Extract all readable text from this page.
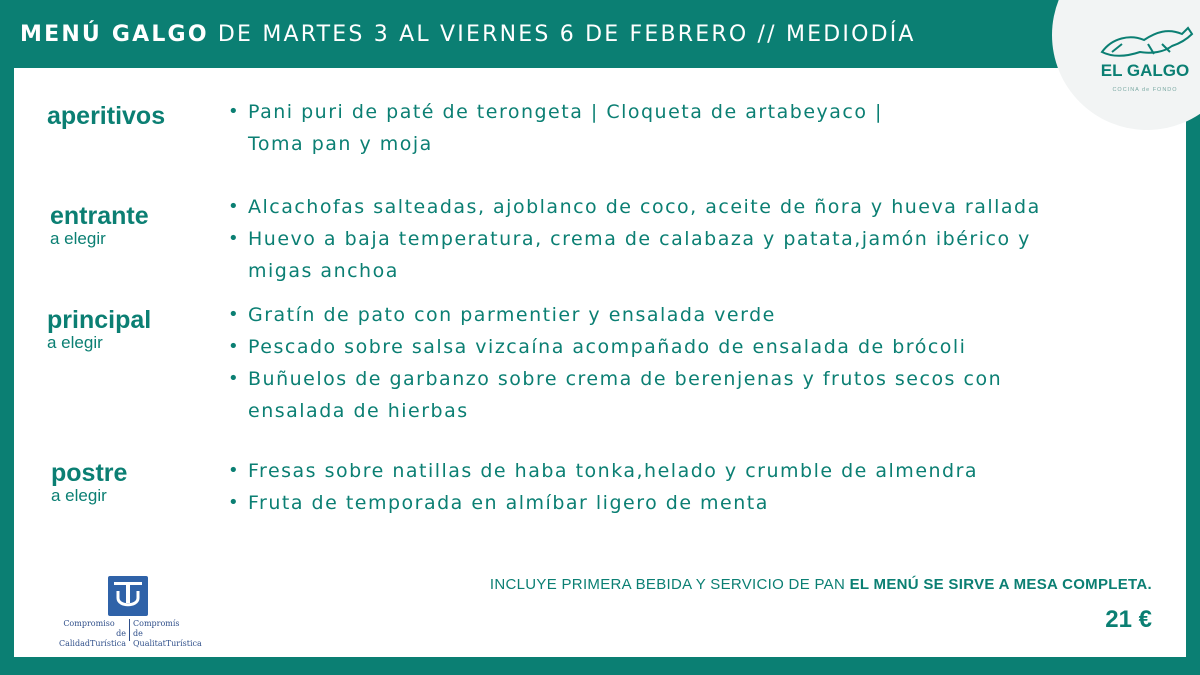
MENÚ GALGO DE MARTES 3 AL VIERNES 6 DE FEBRERO // MEDIODÍA
aperitivos	• Pani puri de paté de terongeta | Cloqueta de artabeyaco |
Toma pan y moja
entrante
a elegir
• Alcachofas salteadas, ajoblanco de coco, aceite de ñora y hueva rallada
• Huevo a baja temperatura, crema de calabaza y patata,jamón ibérico y
migas anchoa
principal
a elegir
• Gratín de pato con parmentier y ensalada verde
• Pescado sobre salsa vizcaína acompañado de ensalada de brócoli
• Buñuelos de garbanzo sobre crema de berenjenas y frutos secos con
ensalada de hierbas
postre
a elegir
• Fresas sobre natillas de haba tonka,helado y crumble de almendra
• Fruta de temporada en almíbar ligero de menta
EL GALGO
COCINA de FONDO
INCLUYE PRIMERA BEBIDA Y SERVICIO DE PAN EL MENÚ SE SIRVE A MESA COMPLETA.
21 €
Compromiso
de CalidadTurística
Compromís
de QualitatTurística
